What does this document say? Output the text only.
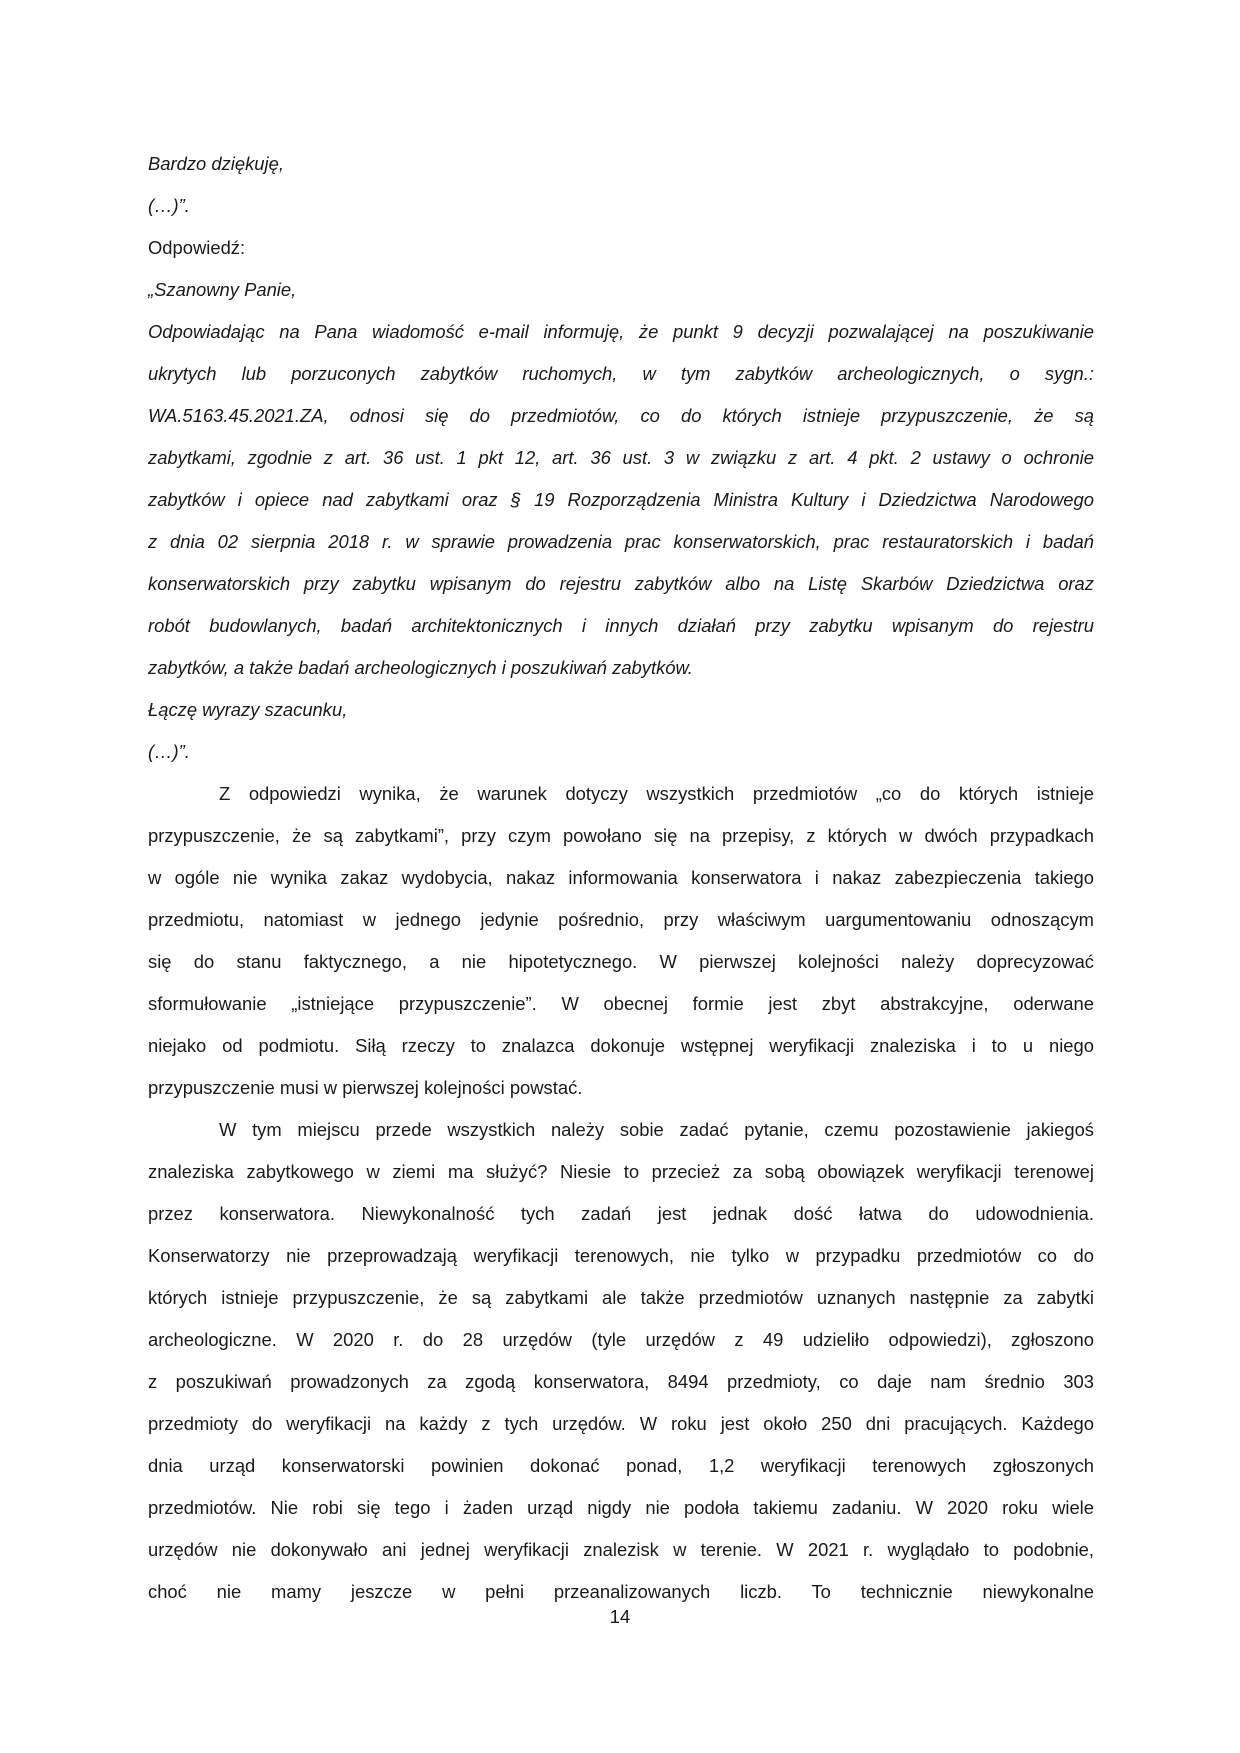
Bardzo dziękuję,
(…)”.
Odpowiedź:
„Szanowny Panie,
Odpowiadając na Pana wiadomość e-mail informuję, że punkt 9 decyzji pozwalającej na poszukiwanie
ukrytych lub porzuconych zabytków ruchomych, w tym zabytków archeologicznych, o sygn.:
WA.5163.45.2021.ZA, odnosi się do przedmiotów, co do których istnieje przypuszczenie, że są
zabytkami, zgodnie z art. 36 ust. 1 pkt 12, art. 36 ust. 3 w związku z art. 4 pkt. 2 ustawy o ochronie
zabytków i opiece nad zabytkami oraz § 19 Rozporządzenia Ministra Kultury i Dziedzictwa Narodowego
z dnia 02 sierpnia 2018 r. w sprawie prowadzenia prac konserwatorskich, prac restauratorskich i badań
konserwatorskich przy zabytku wpisanym do rejestru zabytków albo na Listę Skarbów Dziedzictwa oraz
robót budowlanych, badań architektonicznych i innych działań przy zabytku wpisanym do rejestru
zabytków, a także badań archeologicznych i poszukiwań zabytków.
Łączę wyrazy szacunku,
(…)”.
Z odpowiedzi wynika, że warunek dotyczy wszystkich przedmiotów „co do których istnieje
przypuszczenie, że są zabytkami”, przy czym powołano się na przepisy, z których w dwóch przypadkach
w ogóle nie wynika zakaz wydobycia, nakaz informowania konserwatora i nakaz zabezpieczenia takiego
przedmiotu, natomiast w jednego jedynie pośrednio, przy właściwym uargumentowaniu odnoszącym
się do stanu faktycznego, a nie hipotetycznego. W pierwszej kolejności należy doprecyzować
sformułowanie „istniejące przypuszczenie”. W obecnej formie jest zbyt abstrakcyjne, oderwane
niejako od podmiotu. Siłą rzeczy to znalazca dokonuje wstępnej weryfikacji znaleziska i to u niego
przypuszczenie musi w pierwszej kolejności powstać.
W tym miejscu przede wszystkich należy sobie zadać pytanie, czemu pozostawienie jakiegoś
znaleziska zabytkowego w ziemi ma służyć? Niesie to przecież za sobą obowiązek weryfikacji terenowej
przez konserwatora. Niewykonalność tych zadań jest jednak dość łatwa do udowodnienia.
Konserwatorzy nie przeprowadzają weryfikacji terenowych, nie tylko w przypadku przedmiotów co do
których istnieje przypuszczenie, że są zabytkami ale także przedmiotów uznanych następnie za zabytki
archeologiczne. W 2020 r. do 28 urzędów (tyle urzędów z 49 udzieliło odpowiedzi), zgłoszono
z poszukiwań prowadzonych za zgodą konserwatora, 8494 przedmioty, co daje nam średnio 303
przedmioty do weryfikacji na każdy z tych urzędów. W roku jest około 250 dni pracujących. Każdego
dnia urząd konserwatorski powinien dokonać ponad, 1,2 weryfikacji terenowych zgłoszonych
przedmiotów. Nie robi się tego i żaden urząd nigdy nie podoła takiemu zadaniu. W 2020 roku wiele
urzędów nie dokonywało ani jednej weryfikacji znalezisk w terenie. W 2021 r. wyglądało to podobnie,
choć nie mamy jeszcze w pełni przeanalizowanych liczb. To technicznie niewykonalne
14
